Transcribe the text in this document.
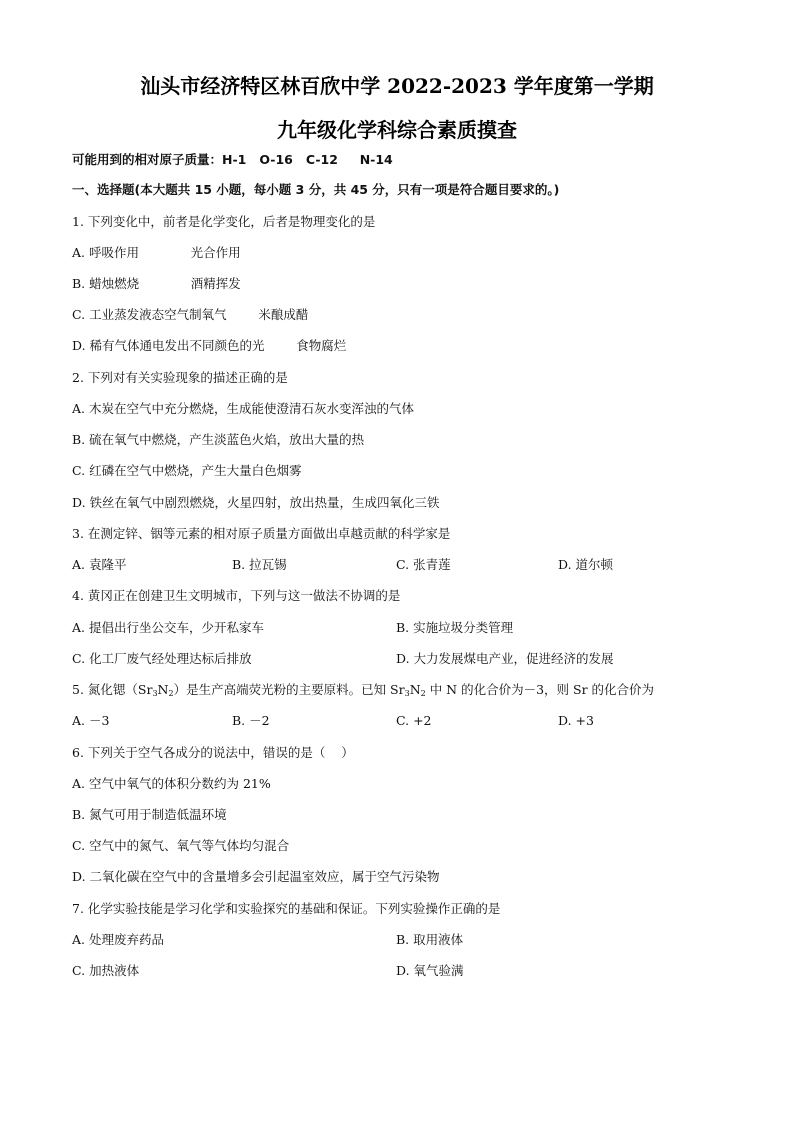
汕头市经济特区林百欣中学 2022-2023 学年度第一学期
九年级化学科综合素质摸查
可能用到的相对原子质量：H-1   O-16   C-12     N-14
一、选择题(本大题共 15 小题，每小题 3 分，共 45 分，只有一项是符合题目要求的。)
1. 下列变化中，前者是化学变化，后者是物理变化的是
A. 呼吸作用             光合作用
B. 蜡烛燃烧             酒精挥发
C. 工业蒸发液态空气制氧气        米酿成醋
D. 稀有气体通电发出不同颜色的光        食物腐烂
2. 下列对有关实验现象的描述正确的是
A. 木炭在空气中充分燃烧，生成能使澄清石灰水变浑浊的气体
B. 硫在氧气中燃烧，产生淡蓝色火焰，放出大量的热
C. 红磷在空气中燃烧，产生大量白色烟雾
D. 铁丝在氧气中剧烈燃烧，火星四射，放出热量，生成四氧化三铁
3. 在测定锌、铟等元素的相对原子质量方面做出卓越贡献的科学家是
A. 袁隆平	B. 拉瓦锡	C. 张青莲	D. 道尔顿
4. 黄冈正在创建卫生文明城市，下列与这一做法不协调的是
A. 提倡出行坐公交车，少开私家车	B. 实施垃圾分类管理
C. 化工厂废气经处理达标后排放	D. 大力发展煤电产业，促进经济的发展
5. 氮化锶$(Sr_3N_2)$是生产高端荧光粉的主要原料。已知 $Sr_3N_2$ 中 N 的化合价为－3，则 Sr 的化合价为
A. －3	B. －2	C. +2	D. +3
6. 下列关于空气各成分的说法中，错误的是（    ）
A. 空气中氧气的体积分数约为 21%
B. 氮气可用于制造低温环境
C. 空气中的氮气、氧气等气体均匀混合
D. 二氧化碳在空气中的含量增多会引起温室效应，属于空气污染物
7. 化学实验技能是学习化学和实验探究的基础和保证。下列实验操作正确的是
A. 处理废弃药品	B. 取用液体
C. 加热液体	D. 氧气验满
